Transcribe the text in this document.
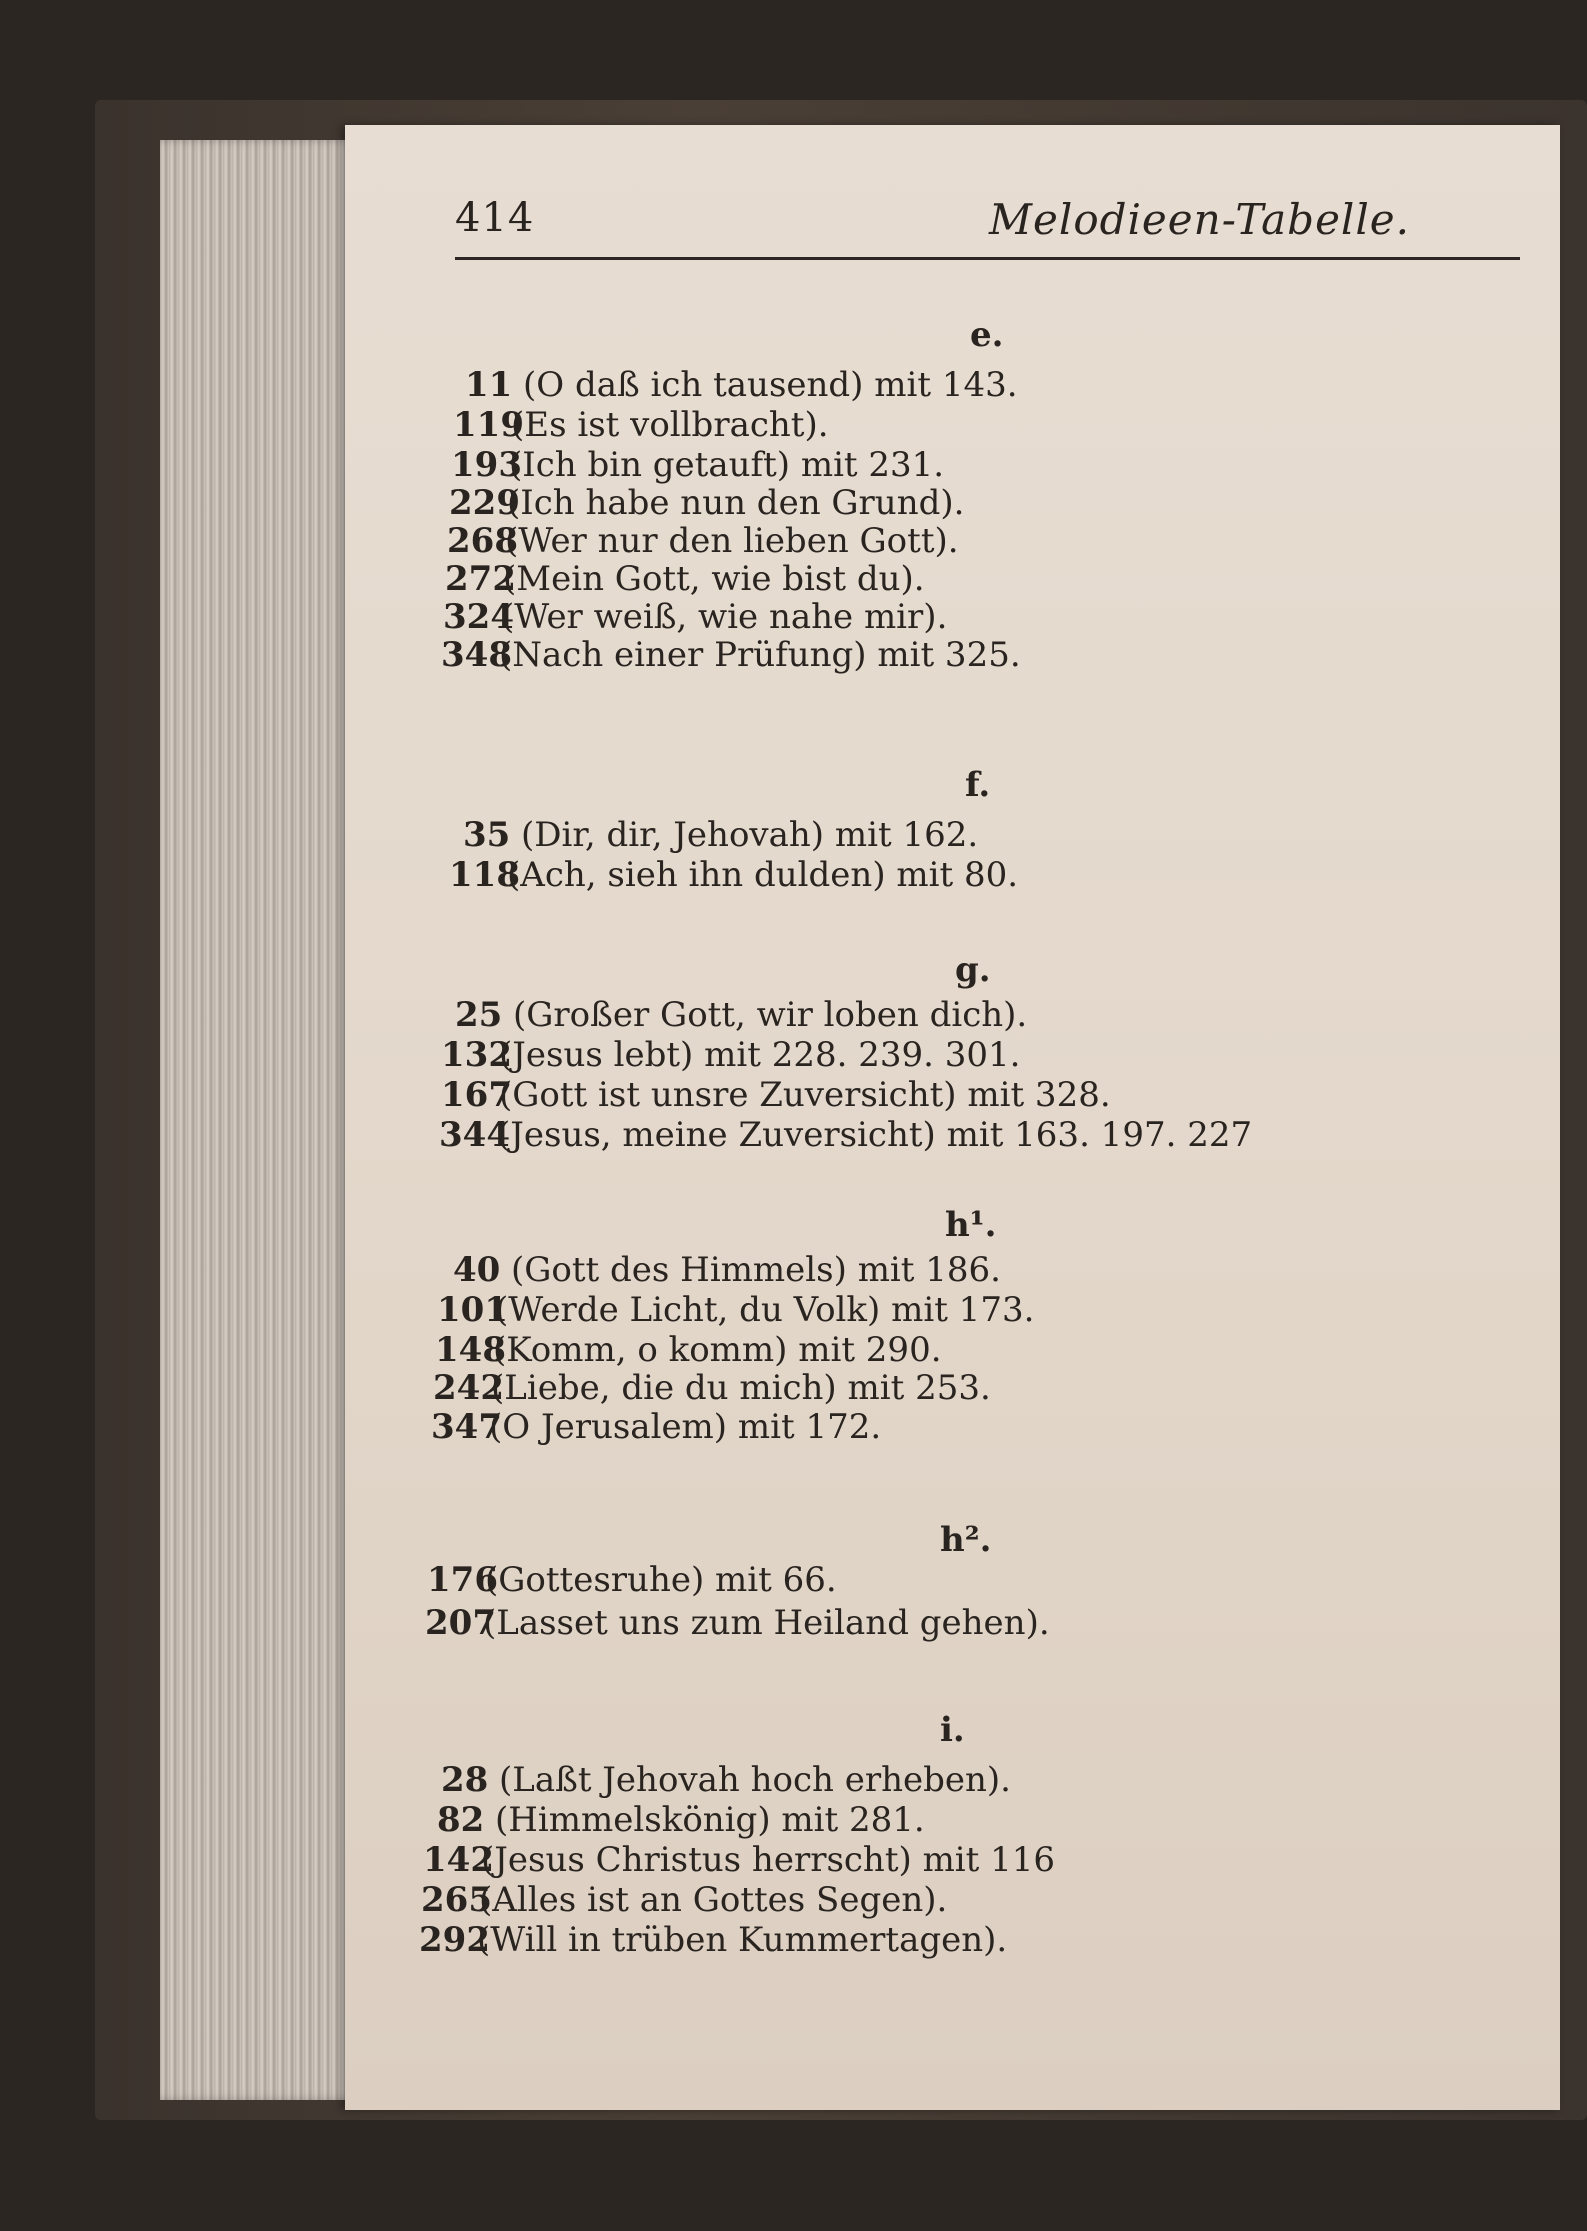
414	Melodieen-Tabelle.
e.
11 (O daß ich tausend) mit 143.
119(Es ist vollbracht).
193(Ich bin getauft) mit 231.
229(Ich habe nun den Grund).
268(Wer nur den lieben Gott).
272(Mein Gott, wie bist du).
324(Wer weiß, wie nahe mir).
348(Nach einer Prüfung) mit 325.
f.
35 (Dir, dir, Jehovah) mit 162.
118(Ach, sieh ihn dulden) mit 80.
g.
25 (Großer Gott, wir loben dich).
132(Jesus lebt) mit 228. 239. 301.
167(Gott ist unsre Zuversicht) mit 328.
344(Jesus, meine Zuversicht) mit 163. 197. 227
h¹.
40 (Gott des Himmels) mit 186.
101(Werde Licht, du Volk) mit 173.
148(Komm, o komm) mit 290.
242(Liebe, die du mich) mit 253.
347(O Jerusalem) mit 172.
h².
176(Gottesruhe) mit 66.
207(Lasset uns zum Heiland gehen).
i.
28 (Laßt Jehovah hoch erheben).
82 (Himmelskönig) mit 281.
142(Jesus Christus herrscht) mit 116
265(Alles ist an Gottes Segen).
292(Will in trüben Kummertagen).
